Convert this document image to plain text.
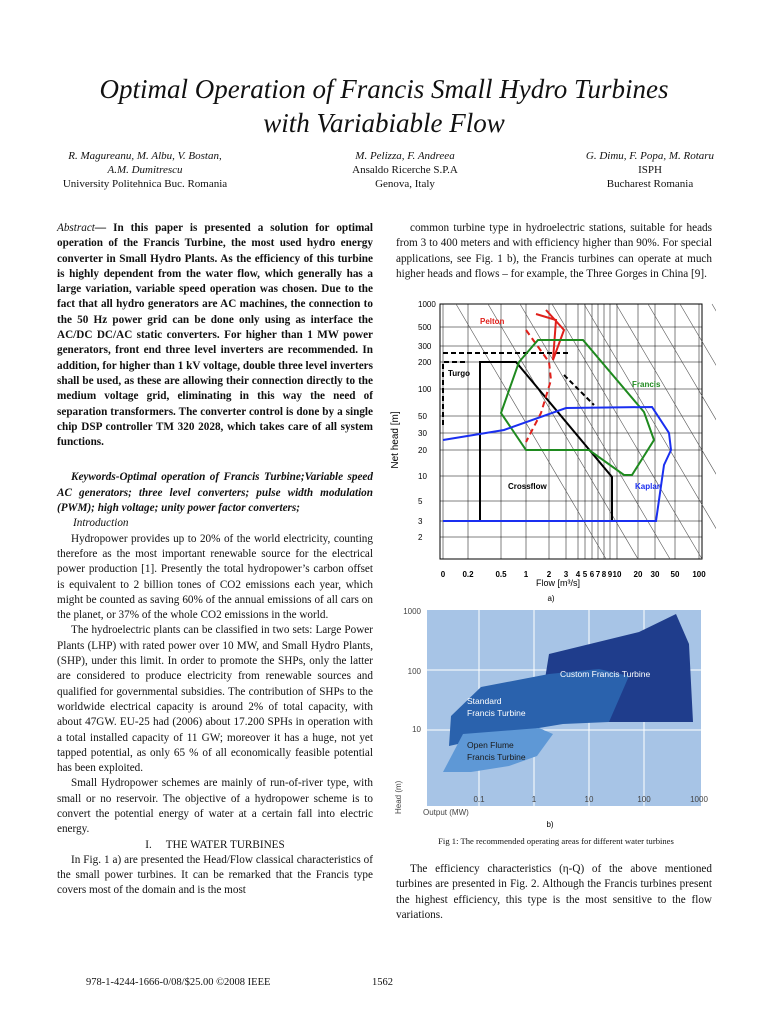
Optimal Operation of Francis Small Hydro Turbines
with Variabiable Flow
R. Magureanu, M. Albu, V. Bostan,
A.M. Dumitrescu
University Politehnica Buc. Romania
M. Pelizza, F. Andreea
Ansaldo Ricerche S.P.A
Genova, Italy
G. Dimu, F. Popa, M. Rotaru
ISPH
Bucharest Romania

Abstract— In this paper is presented a solution for optimal operation of the Francis Turbine, the most used hydro energy converter in Small Hydro Plants. As the efficiency of this turbine is highly dependent from the water flow, which generally has a large variation, variable speed operation was chosen. Due to the fact that all hydro generators are AC machines, the connection to the 50 Hz power grid can be done only using as interface the AC/DC DC/AC static converters. For higher than 1 MW power generators, front end three level inverters are recommended. In addition, for higher than 1 kV voltage, double three level inverters shall be used, as these are allowing their connection directly to the medium voltage grid, eliminating in this way the need of separation transformers. The converter control is done by a single chip DSP controller TM 320 2028, which takes care of all system functions.

Keywords-Optimal operation of Francis Turbine;Variable speed AC generators; three level converters; pulse width modulation (PWM); high voltage; unity power factor converters;

Introduction

Hydropower provides up to 20% of the world electricity, counting therefore as the most important renewable source for the electrical power production [1]. Presently the total hydropower’s carbon offset is equivalent to 2 billion tones of CO2 emissions each year, which might be counted as saving 60% of the annual emissions of all cars on the planet, or 37% of the whole CO2 emissions in the world.

The hydroelectric plants can be classified in two sets: Large Power Plants (LHP) with rated power over 10 MW, and Small Hydro Plants, (SHP), under this limit. In order to promote the SHPs, only the latter are considered to produce electricity from renewable sources and qualified for governmental subsidies. The contribution of SHPs to the worldwide electrical capacity is around 2% of total capacity, with about 47GW. EU-25 had (2006) about 17.200 SPHs in operation with a total installed capacity of 11 GW; moreover it has a huge, not yet tapped potential, as only 65 % of all economically feasible potential has been exploited.

Small Hydropower schemes are mainly of run-of-river type, with small or no reservoir. The objective of a hydropower scheme is to convert the potential energy of water at a certain fall into electric energy.

I. THE WATER TURBINES

In Fig. 1 a) are presented the Head/Flow classical characteristics of the small power turbines. It can be remarked that the Francis type covers most of the domain and is the most

common turbine type in hydroelectric stations, suitable for heads from 3 to 400 meters and with efficiency higher than 90%. For special applications, see Fig. 1 b), the Francis turbines can operate at much higher heads and flows – for example, the Three Gorges in China [9].

1000
500
300
200
100
50
30
20
10
5
3
2
0 0.2	0.5 1 2 3 4 5 6 7 8 9 10 20 30 50 100
Net head [m]
Flow [m³/s]
a)
Pelton
Turgo
Francis
Crossflow	Kaplan
Custom Francis Turbine
Standard
Francis Turbine
Open Flume
Francis Turbine
1000
100
10
0.1	1	10	100	1000
Head (m)	Output (MW)
b)
Fig 1: The recommended operating areas for different water turbines

The efficiency characteristics (η-Q) of the above mentioned turbines are presented in Fig. 2. Although the Francis turbines present the highest efficiency, this type is the most sensitive to the flow variations.

978-1-4244-1666-0/08/$25.00 ©2008 IEEE	1562
